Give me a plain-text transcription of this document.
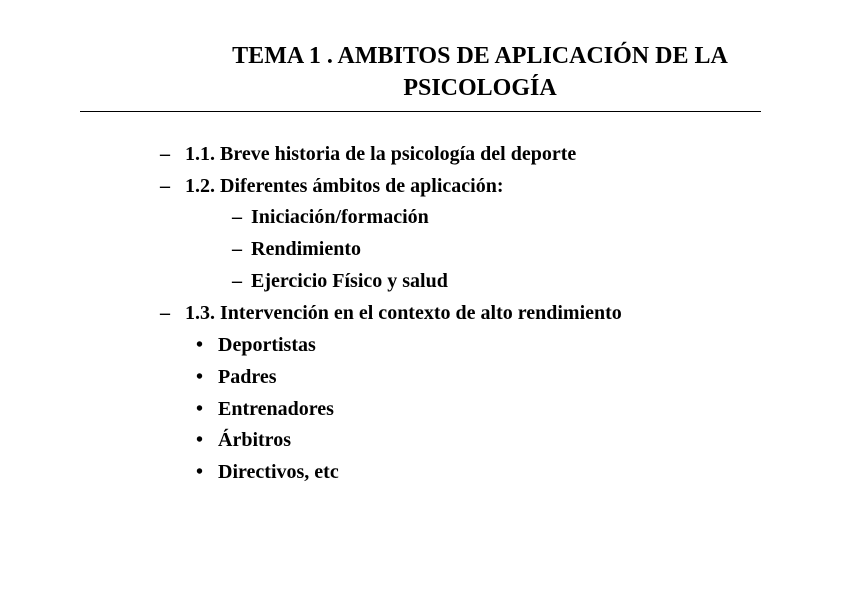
TEMA 1 . AMBITOS DE APLICACIÓN DE LA
PSICOLOGÍA
– 1.1. Breve historia de la psicología del deporte
– 1.2. Diferentes ámbitos de aplicación:
– Iniciación/formación
– Rendimiento
– Ejercicio Físico y salud
– 1.3. Intervención en el contexto de alto rendimiento
• Deportistas
• Padres
• Entrenadores
• Árbitros
• Directivos, etc
